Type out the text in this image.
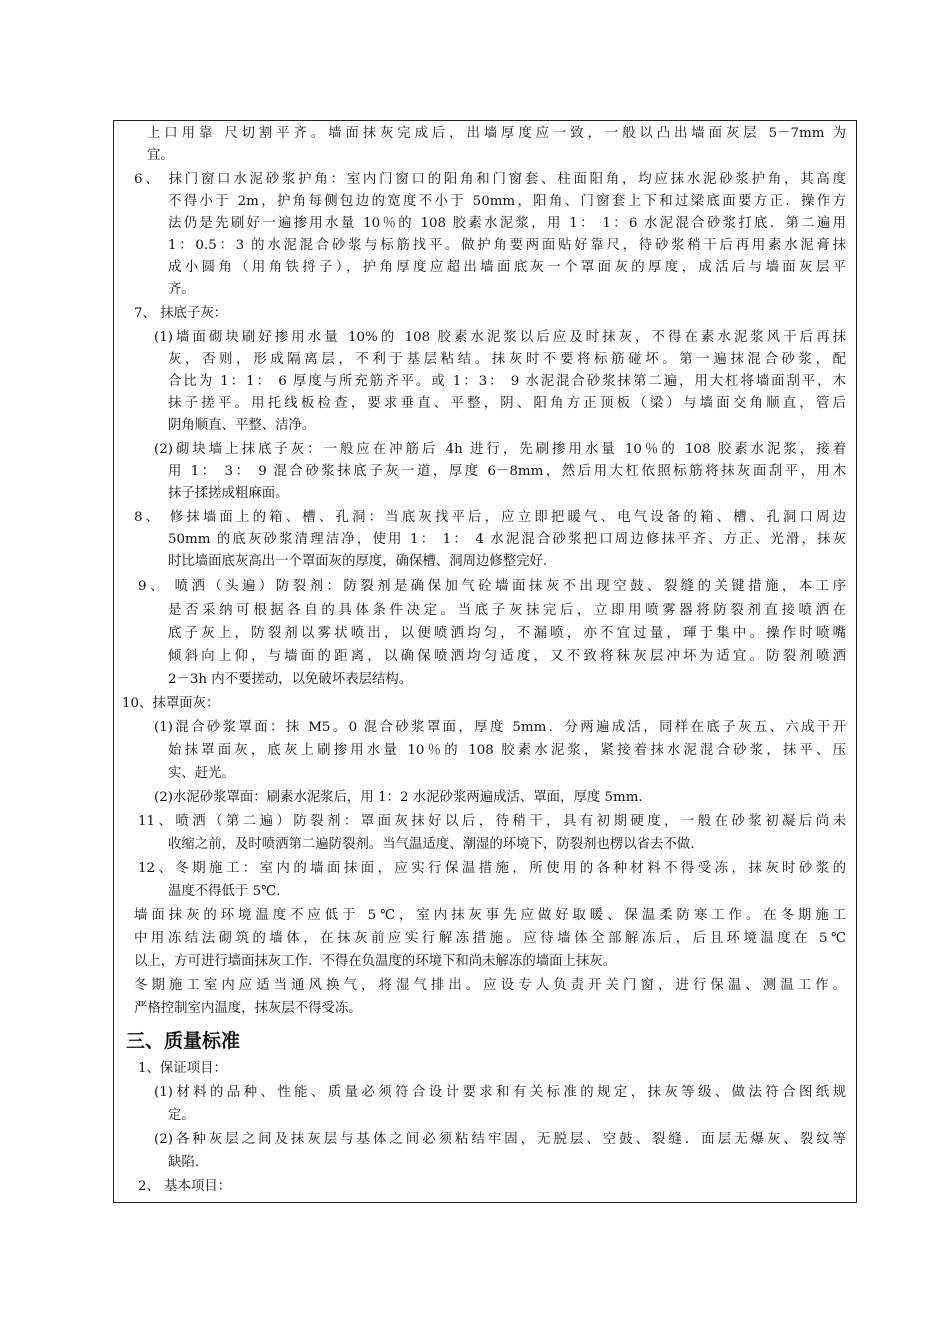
三、质量标准
上口用靠 尺切割平齐。墙面抹灰完成后，出墙厚度应一致，一般以凸出墙面灰层 5－7mm 为
宜。
6、 抹门窗口水泥砂浆护角：室内门窗口的阳角和门窗套、柱面阳角，均应抹水泥砂浆护角，其高度
不得小于 2m，护角每侧包边的宽度不小于 50mm，阳角、门窗套上下和过梁底面要方正．操作方
法仍是先刷好一遍掺用水量 10％的 108 胶素水泥浆，用 1： 1：6 水泥混合砂浆打底．第二遍用
1：0.5：3 的水泥混合砂浆与标筋找平。做护角要两面贴好靠尺，待砂浆稍干后再用素水泥膏抹
成小圆角（用角铁捋子），护角厚度应超出墙面底灰一个罩面灰的厚度，成活后与墙面灰层平
齐。
7、 抹底子灰：
(1)墙面砌块刷好掺用水量 10%的 108 胶素水泥浆以后应及时抹灰，不得在素水泥浆风干后再抹
灰，否则，形成隔离层，不利于基层粘结。抹灰时不要将标筋碰坏。第一遍抹混合砂浆，配
合比为 1：1： 6 厚度与所充筋齐平。或 1：3： 9 水泥混合砂浆抹第二遍，用大杠将墙面刮平，木
抹子搓平。用托线板检查，要求垂直、平整，阴、阳角方正顶板（梁）与墙面交角顺直，管后
阴角顺直、平整、洁净。
(2)砌块墙上抹底子灰：一般应在冲筋后 4h 进行，先刷掺用水量 10％的 108 胶素水泥浆，接着
用 1： 3： 9 混合砂浆抹底子灰一道，厚度 6－8mm，然后用大杠依照标筋将抹灰面刮平，用木
抹子揉搓成粗麻面。
8、 修抹墙面上的箱、槽、孔洞：当底灰找平后，应立即把暖气、电气设备的箱、槽、孔洞口周边
50mm 的底灰砂浆清理洁净，使用 1： 1： 4 水泥混合砂浆把口周边修抹平齐、方正、光滑，抹灰
时比墙面底灰高出一个罩面灰的厚度，确保槽、洞周边修整完好.
9、 喷洒（头遍）防裂剂：防裂剂是确保加气砼墙面抹灰不出现空鼓、裂缝的关键措施，本工序
是否采纳可根据各自的具体条件决定。当底子灰抹完后，立即用喷雾器将防裂剂直接喷洒在
底子灰上，防裂剂以雾状喷出，以便喷洒均匀，不漏喷，亦不宜过量，琿于集中。操作时喷嘴
倾斜向上仰，与墙面的距离，以确保喷洒均匀适度，又不致将秣灰层冲坏为适宜。防裂剂喷洒
2－3h 内不要搓动，以免破坏表层结构。
10、抹罩面灰：
(1)混合砂浆罩面：抹 M5。0 混合砂浆罩面，厚度 5mm．分两遍成活，同样在底子灰五、六成干开
始抹罩面灰，底灰上刷掺用水量 10％的 108 胶素水泥浆，紧接着抹水泥混合砂浆，抹平、压
实、赶光。
(2)水泥砂浆罩面：刷素水泥浆后，用 1：2 水泥砂浆两遍成活、罩面，厚度 5mm.
11、喷洒（第二遍）防裂剂：罩面灰抹好以后，待稍干，具有初期硬度，一般在砂浆初凝后尚未
收缩之前，及时喷洒第二遍防裂剂。当气温适度、潮湿的环境下，防裂剂也楞以省去不做.
12、冬期施工：室内的墙面抹面，应实行保温措施，所使用的各种材料不得受冻，抹灰时砂浆的
温度不得低于 5℃.
墙面抹灰的环境温度不应低于 5℃，室内抹灰事先应做好取暖、保温柔防寒工作。在冬期施工
中用冻结法砌筑的墙体，在抹灰前应实行解冻措施。应待墙体全部解冻后，后且环境温度在 5℃
以上，方可进行墙面抹灰工作．不得在负温度的环境下和尚未解冻的墙面上抹灰。
冬期施工室内应适当通风换气，将湿气排出。应设专人负责开关门窗，进行保温、测温工作。
严格控制室内温度，抹灰层不得受冻。
1、保证项目：
(1)材料的品种、性能、质量必须符合设计要求和有关标准的规定，抹灰等级、做法符合图纸规
定。
(2)各种灰层之间及抹灰层与基体之间必须粘结牢固，无脱层、空鼓、裂缝．面层无爆灰、裂纹等
缺陷.
2、 基本项目：
